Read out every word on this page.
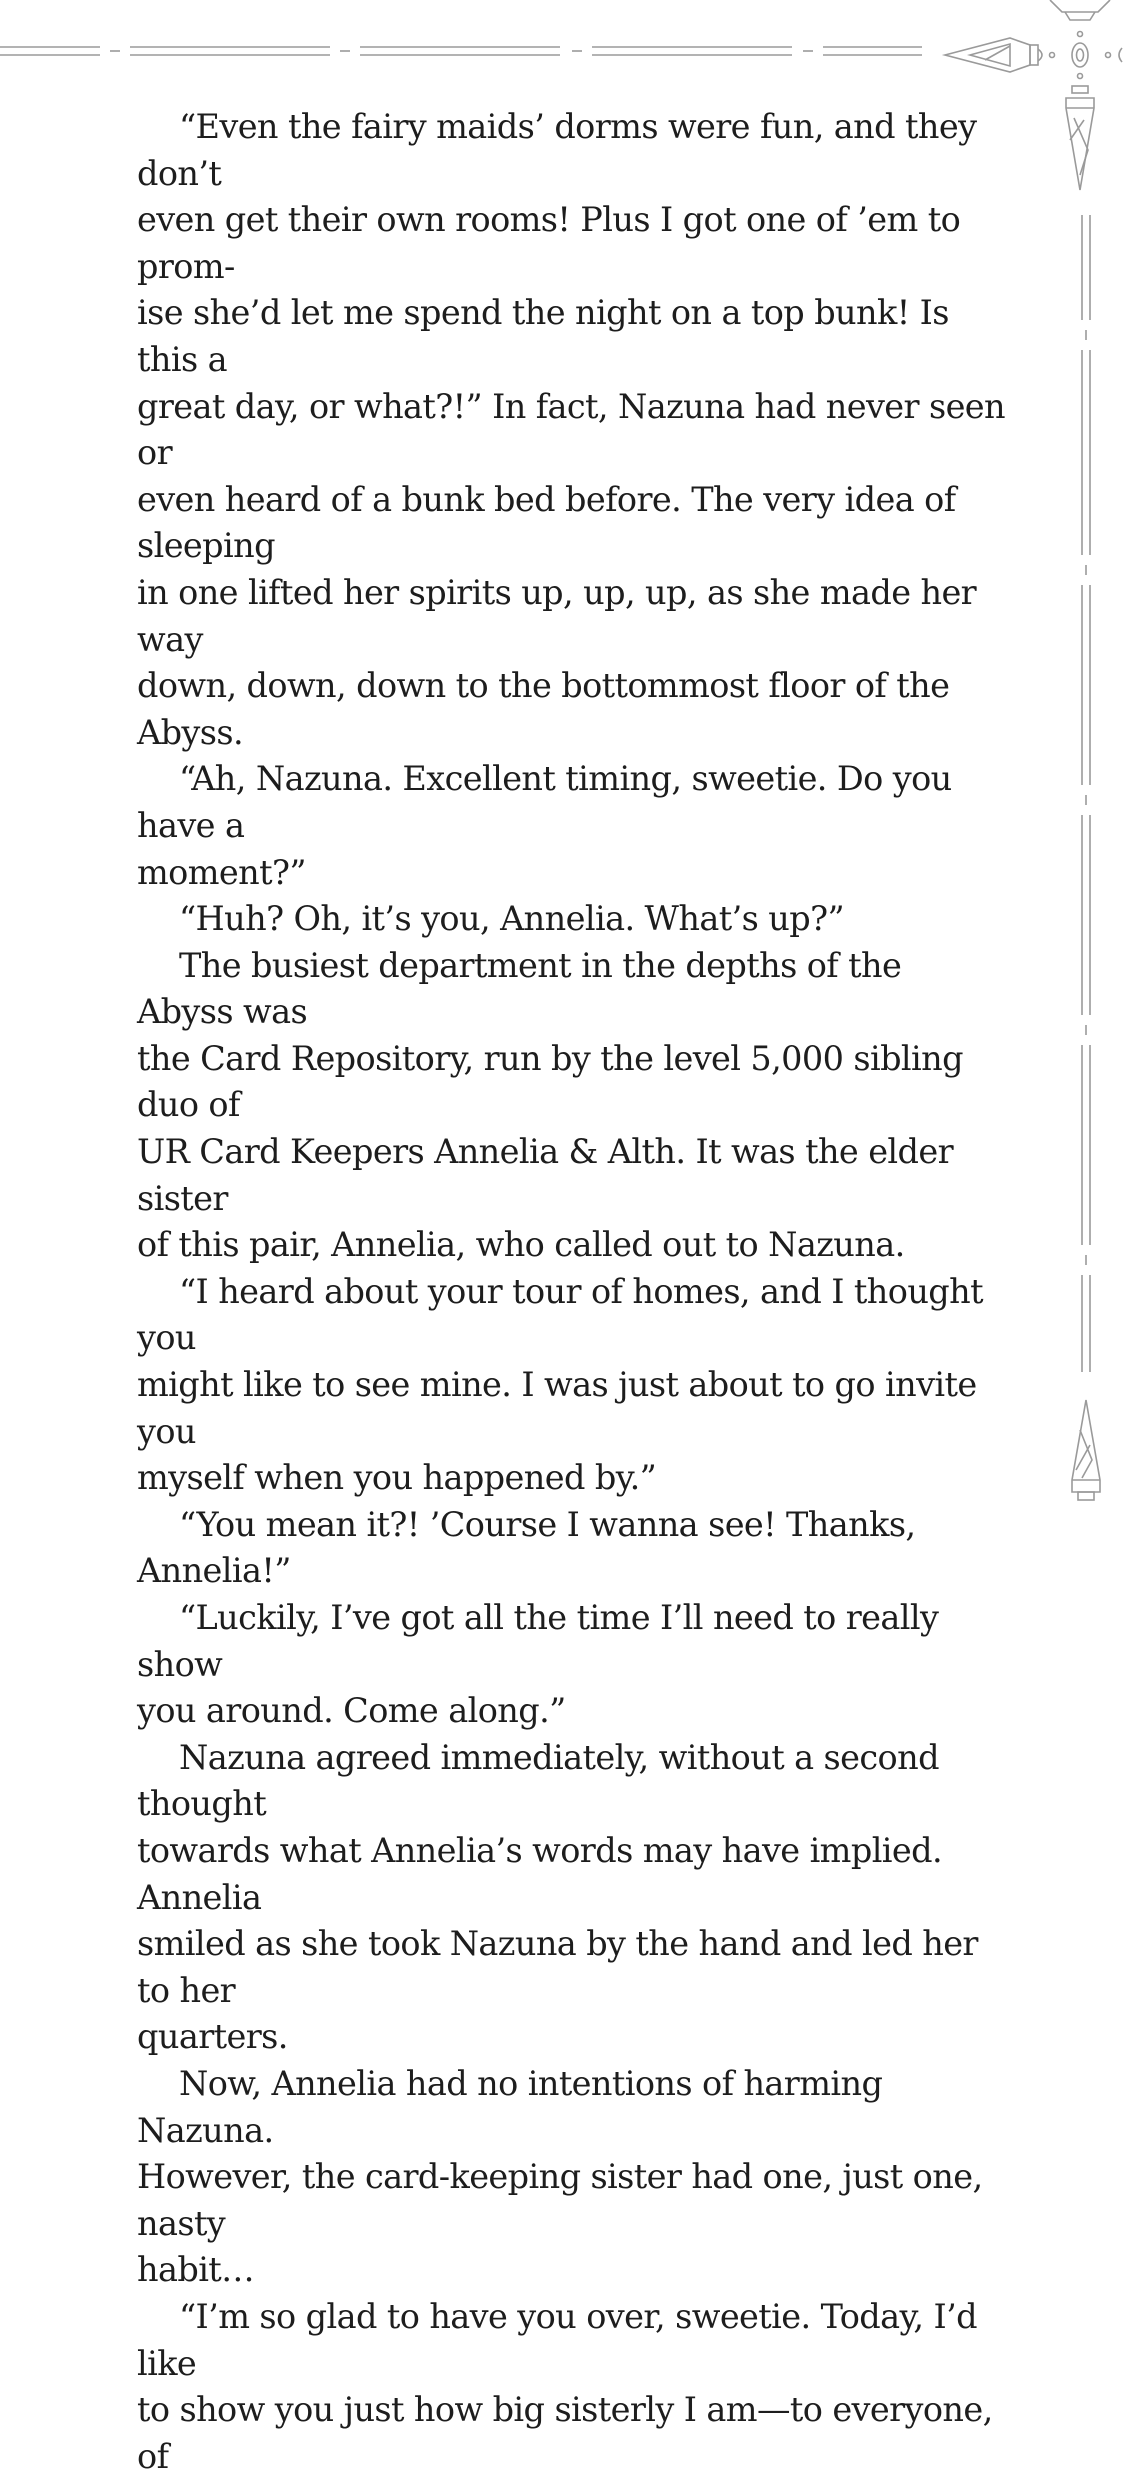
“Even the fairy maids’ dorms were fun, and they don’t
even get their own rooms! Plus I got one of ’em to prom-
ise she’d let me spend the night on a top bunk! Is this a
great day, or what?!” In fact, Nazuna had never seen or
even heard of a bunk bed before. The very idea of sleeping
in one lifted her spirits up, up, up, as she made her way
down, down, down to the bottommost floor of the Abyss.

“Ah, Nazuna. Excellent timing, sweetie. Do you have a
moment?”

“Huh? Oh, it’s you, Annelia. What’s up?”

The busiest department in the depths of the Abyss was
the Card Repository, run by the level 5,000 sibling duo of
UR Card Keepers Annelia & Alth. It was the elder sister
of this pair, Annelia, who called out to Nazuna.

“I heard about your tour of homes, and I thought you
might like to see mine. I was just about to go invite you
myself when you happened by.”

“You mean it?! ’Course I wanna see! Thanks, Annelia!”

“Luckily, I’ve got all the time I’ll need to really show
you around. Come along.”

Nazuna agreed immediately, without a second thought
towards what Annelia’s words may have implied. Annelia
smiled as she took Nazuna by the hand and led her to her
quarters.

Now, Annelia had no intentions of harming Nazuna.
However, the card-keeping sister had one, just one, nasty
habit…

“I’m so glad to have you over, sweetie. Today, I’d like
to show you just how big sisterly I am—to everyone, of
